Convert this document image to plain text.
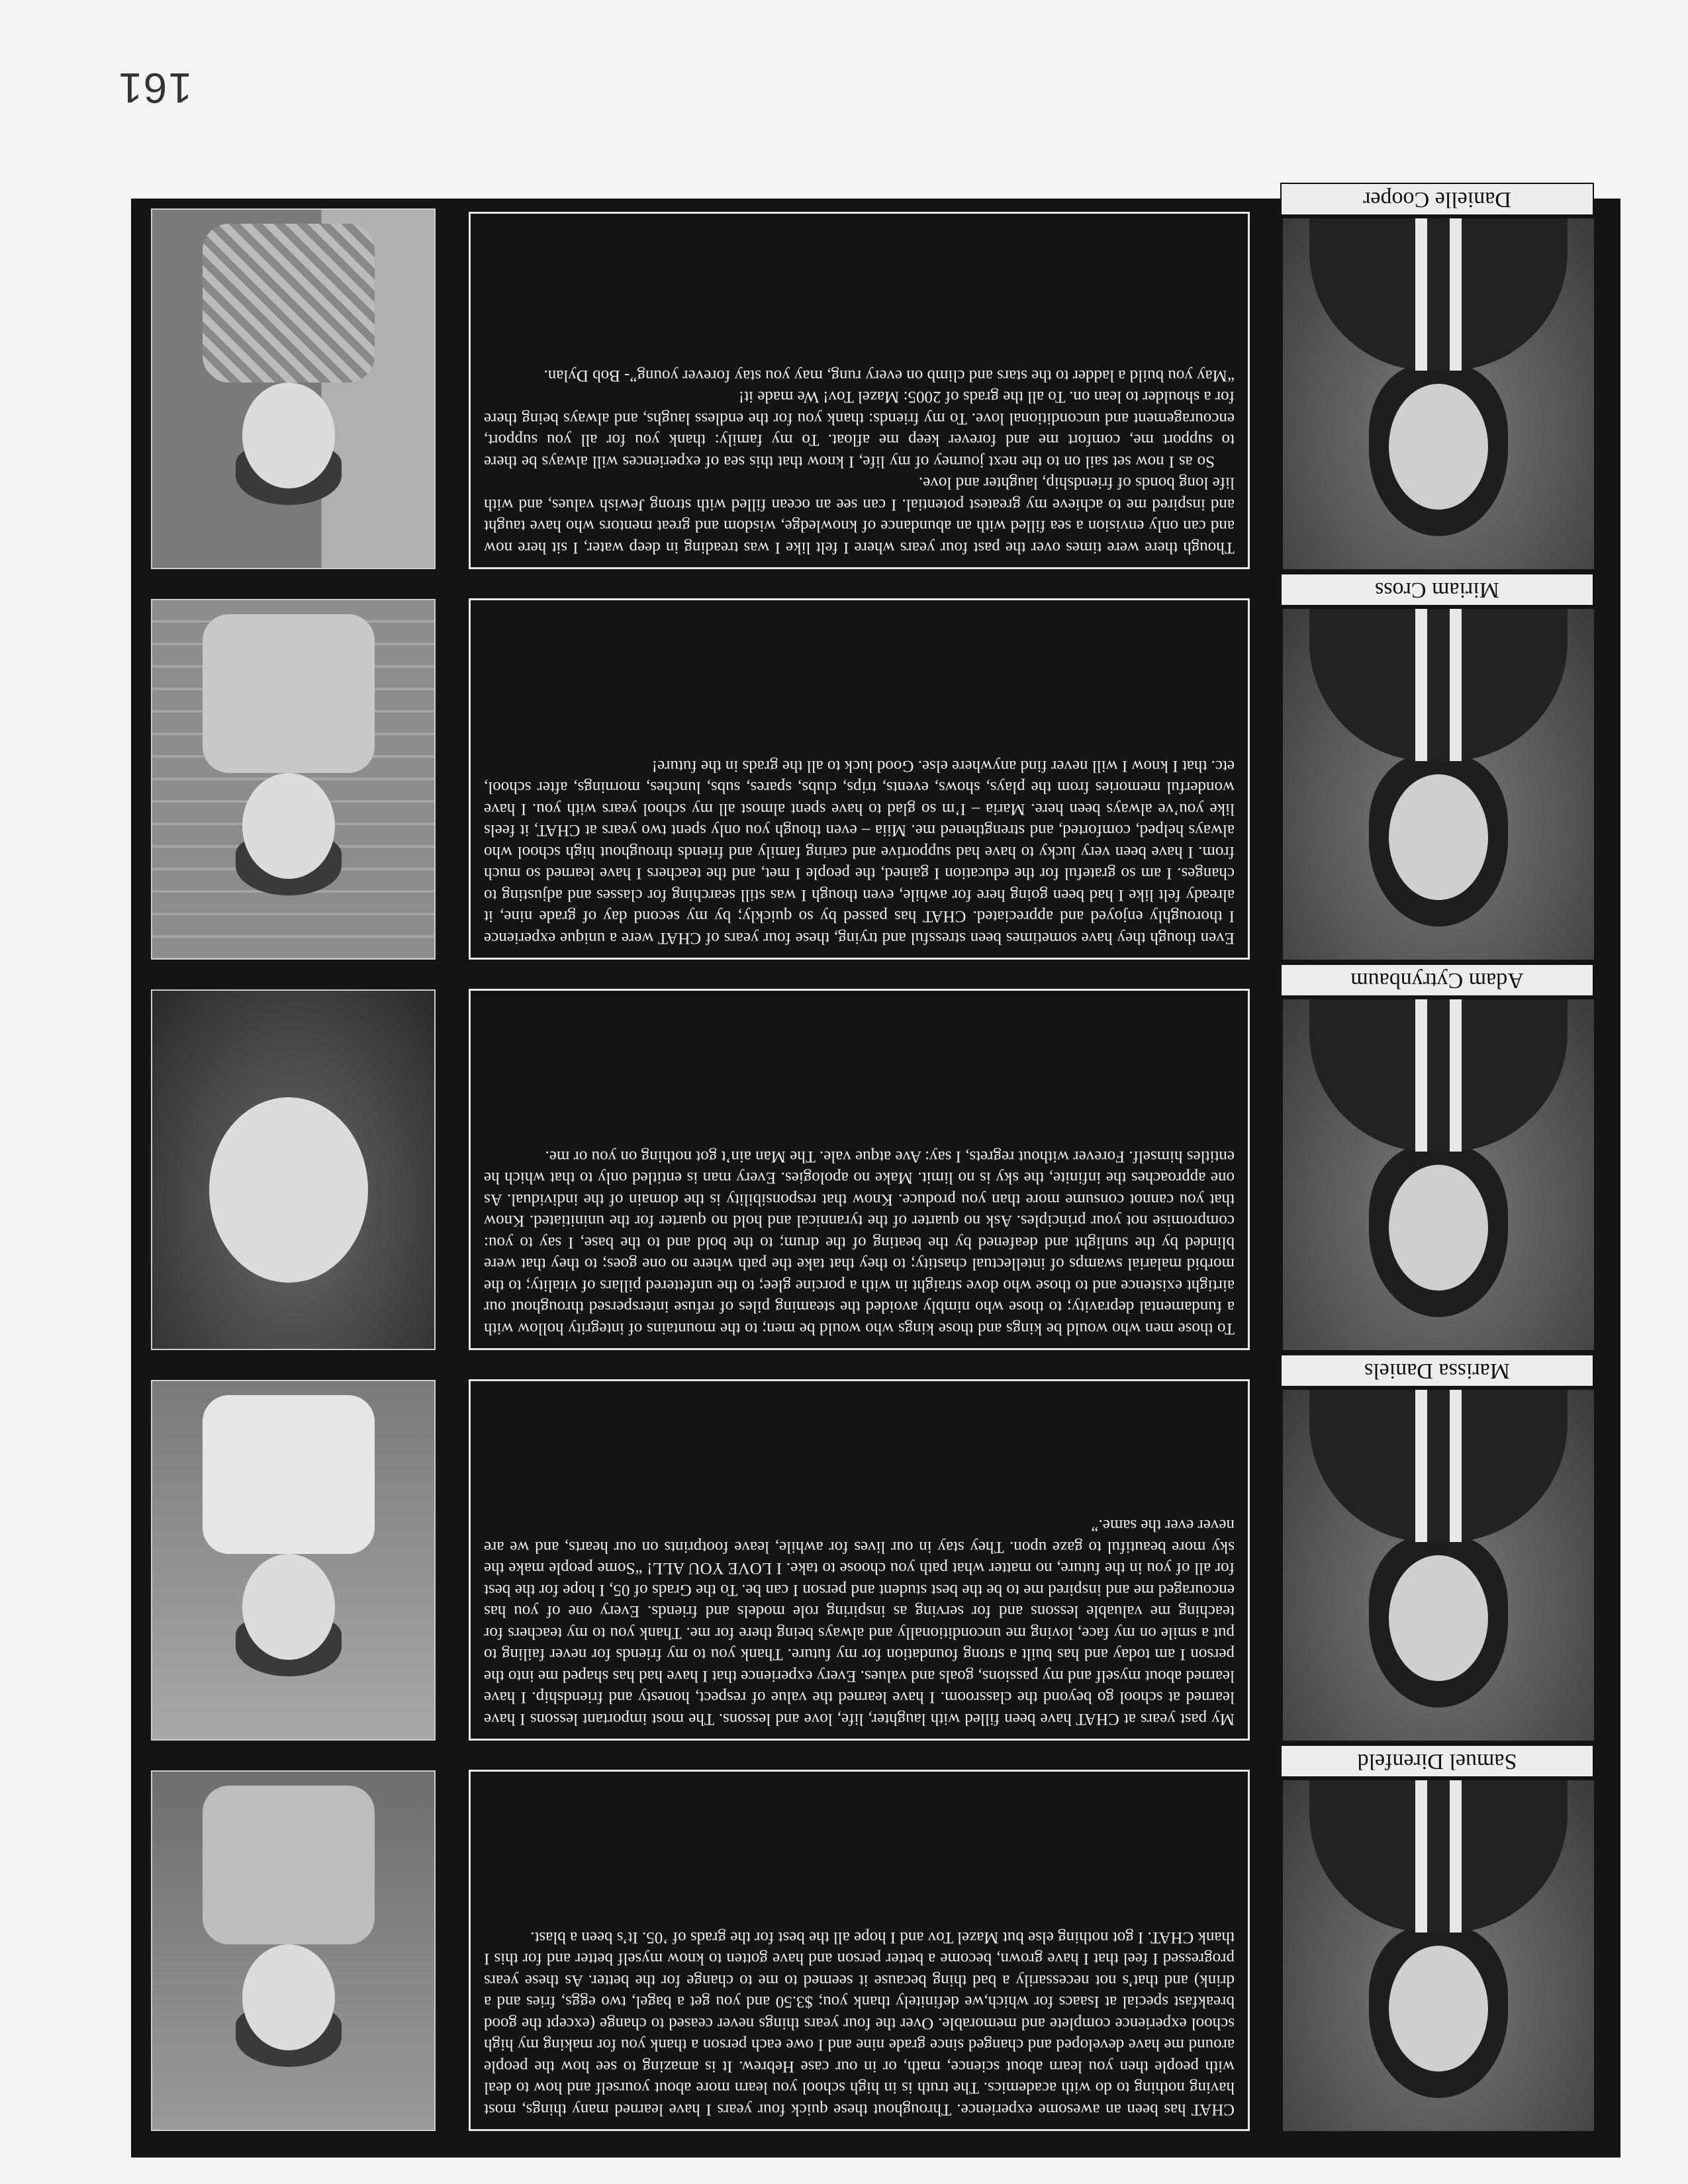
161
Samuel Direnfeld

CHAT has been an awesome experience. Throughout these quick four years I have learned many things, most having nothing to do with academics. The truth is in high school you learn more about yourself and how to deal with people then you learn about science, math, or in our case Hebrew. It is amazing to see how the people around me have developed and changed since grade nine and I owe each person a thank you for making my high school experience complete and memorable. Over the four years things never ceased to change (except the good breakfast special at Isaacs for which,we definitely thank you; $3.50 and you get a bagel, two eggs, fries and a drink) and that’s not necessarily a bad thing because it seemed to me to change for the better. As these years progressed I feel that I have grown, become a better person and have gotten to know myself better and for this I thank CHAT. I got nothing else but Mazel Tov and I hope all the best for the grads of ’05. It’s been a blast.

Marissa Daniels

My past years at CHAT have been filled with laughter, life, love and lessons. The most important lessons I have learned at school go beyond the classroom. I have learned the value of respect, honesty and friendship. I have learned about myself and my passions, goals and values. Every experience that I have had has shaped me into the person I am today and has built a strong foundation for my future. Thank you to my friends for never failing to put a smile on my face, loving me unconditionally and always being there for me. Thank you to my teachers for teaching me valuable lessons and for serving as inspiring role models and friends. Every one of you has encouraged me and inspired me to be the best student and person I can be. To the Grads of 05, I hope for the best for all of you in the future, no matter what path you choose to take. I LOVE YOU ALL! “Some people make the sky more beautiful to gaze upon. They stay in our lives for awhile, leave footprints on our hearts, and we are never ever the same.”

Adam Cytrynbaum

To those men who would be kings and those kings who would be men; to the mountains of integrity hollow with a fundamental depravity; to those who nimbly avoided the steaming piles of refuse interspersed throughout our airtight existence and to those who dove straight in with a porcine glee; to the unfettered pillars of vitality; to the morbid malarial swamps of intellectual chastity; to they that take the path where no one goes; to they that were blinded by the sunlight and deafened by the beating of the drum; to the bold and to the base, I say to you: compromise not your principles. Ask no quarter of the tyrannical and hold no quarter for the uninitiated. Know that you cannot consume more than you produce. Know that responsibility is the domain of the individual. As one approaches the infinite, the sky is no limit. Make no apologies. Every man is entitled only to that which he entitles himself. Forever without regrets, I say: Ave atque vale. The Man ain’t got nothing on you or me.

Miriam Cross

Even though they have sometimes been stressful and trying, these four years of CHAT were a unique experience I thoroughly enjoyed and appreciated. CHAT has passed by so quickly; by my second day of grade nine, it already felt like I had been going here for awhile, even though I was still searching for classes and adjusting to changes. I am so grateful for the education I gained, the people I met, and the teachers I have learned so much from. I have been very lucky to have had supportive and caring family and friends throughout high school who always helped, comforted, and strengthened me. Miia – even though you only spent two years at CHAT, it feels like you’ve always been here. Maria – I’m so glad to have spent almost all my school years with you. I have wonderful memories from the plays, shows, events, trips, clubs, spares, subs, lunches, mornings, after school, etc. that I know I will never find anywhere else. Good luck to all the grads in the future!

Danielle Cooper

Though there were times over the past four years where I felt like I was treading in deep water, I sit here now and can only envision a sea filled with an abundance of knowledge, wisdom and great mentors who have taught and inspired me to achieve my greatest potential. I can see an ocean filled with strong Jewish values, and with life long bonds of friendship, laughter and love.

So as I now set sail on to the next journey of my life, I know that this sea of experiences will always be there to support me, comfort me and forever keep me afloat. To my family: thank you for all you support, encouragement and unconditional love. To my friends: thank you for the endless laughs, and always being there for a shoulder to lean on. To all the grads of 2005: Mazel Tov! We made it!

“May you build a ladder to the stars and climb on every rung, may you stay forever young”- Bob Dylan.
